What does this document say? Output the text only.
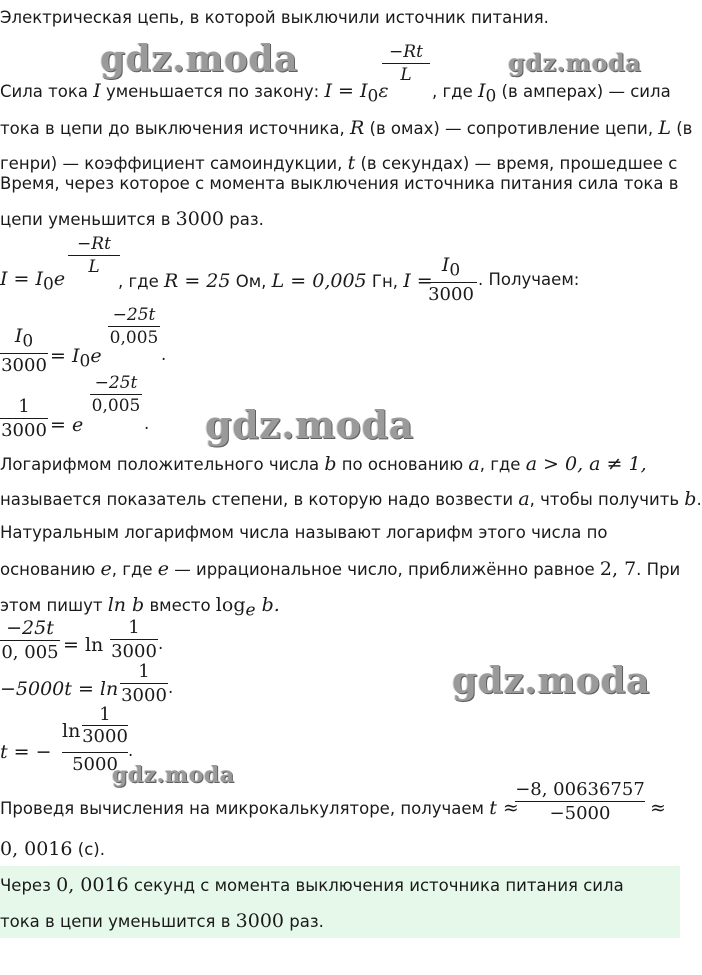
Электрическая цепь, в которой выключили источник питания.
gdz.moda	gdz.moda
gdz.moda
gdz.moda
gdz.moda
Сила тока I уменьшается по закону: $I = I_0\varepsilon$
−Rt
L
, где $I_0$ (в амперах) — сила
тока в цепи до выключения источника, R (в омах) — сопротивление цепи, L (в
генри) — коэффициент самоиндукции, t (в секундах) — время, прошедшее с
Время, через которое с момента выключения источника питания сила тока в
цепи уменьшится в 3000 раз.
$I = I_0e$
−Rt
L
, где R = 25 Ом, L = 0,005 Гн, I =
$I_0$
3000
. Получаем:
$I_0$
$3000 = I_0e$
−25t
0,005
.
1
3000 = e
−25t
0,005
.
Логарифмом положительного числа b по основанию a, где a > 0, a ≠ 1,
называется показатель степени, в которую надо возвести a, чтобы получить b.
Натуральным логарифмом числа называют логарифм этого числа по
основанию e, где e — иррациональное число, приближённо равное 2, 7. При
этом пишут ln b вместо $\log_e b$.
−25t
0, 005 = ln
1
3000 .
−5000t = ln
1
3000 .
t = −
ln
1
3000
5000
.
Проведя вычисления на микрокалькуляторе, получаем t ≈
−8, 00636757
−5000	≈
0, 0016 (с).
Через 0, 0016 секунд с момента выключения источника питания сила
тока в цепи уменьшится в 3000 раз.
